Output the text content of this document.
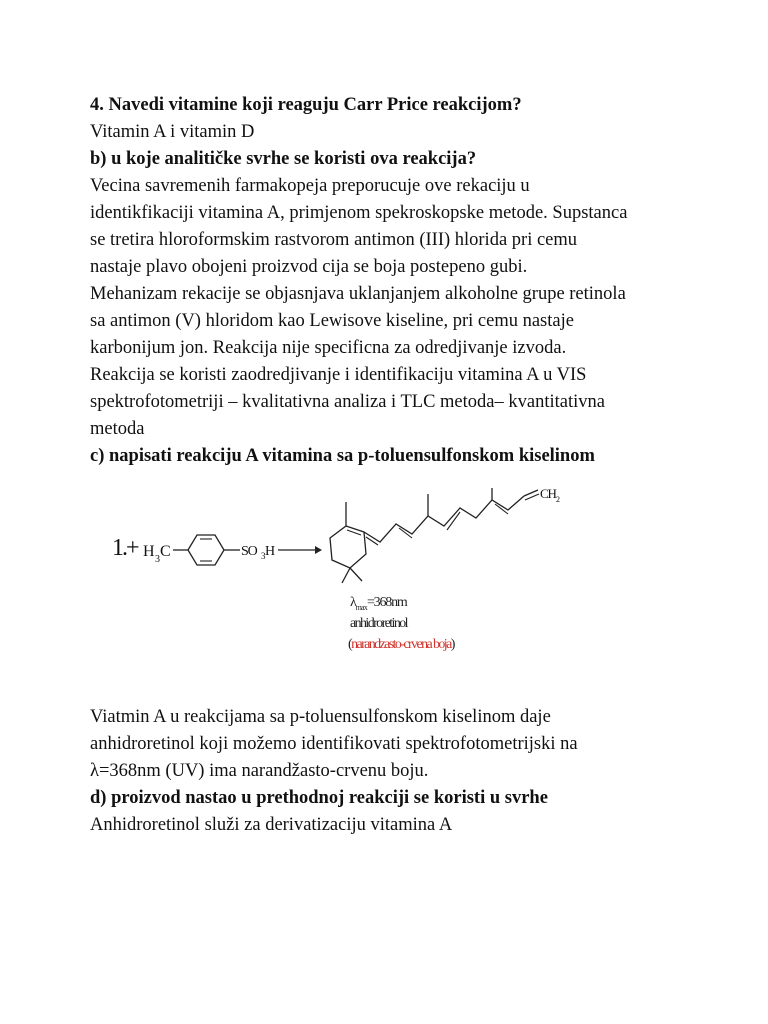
4. Navedi vitamine koji reaguju Carr Price reakcijom?
Vitamin A i vitamin D
b) u koje analitičke svrhe se koristi ova reakcija?
Vecina savremenih farmakopeja preporucuje ove rekaciju u
identikfikaciji vitamina A, primjenom spekroskopske metode. Supstanca
se tretira hloroformskim rastvorom antimon (III) hlorida pri cemu
nastaje plavo obojeni proizvod cija se boja postepeno gubi.
Mehanizam rekacije se objasnjava uklanjanjem alkoholne grupe retinola
sa antimon (V) hloridom kao Lewisove kiseline, pri cemu nastaje
karbonijum jon. Reakcija nije specificna za odredjivanje izvoda.
Reakcija se koristi zaodredjivanje i identifikaciju vitamina A u VIS
spektrofotometriji – kvalitativna analiza i TLC metoda– kvantitativna
metoda
c) napisati reakciju A vitamina sa p-toluensulfonskom kiselinom
1.+ H 3 C	SO 3 H
CH 2
$\lambda_{max}=368nm$
anhidroretinol
(narandzasto-crvena boja)
Viatmin A u reakcijama sa p-toluensulfonskom kiselinom daje
anhidroretinol koji možemo identifikovati spektrofotometrijski na
λ=368nm (UV) ima narandžasto-crvenu boju.
d) proizvod nastao u prethodnoj reakciji se koristi u svrhe
Anhidroretinol služi za derivatizaciju vitamina A
